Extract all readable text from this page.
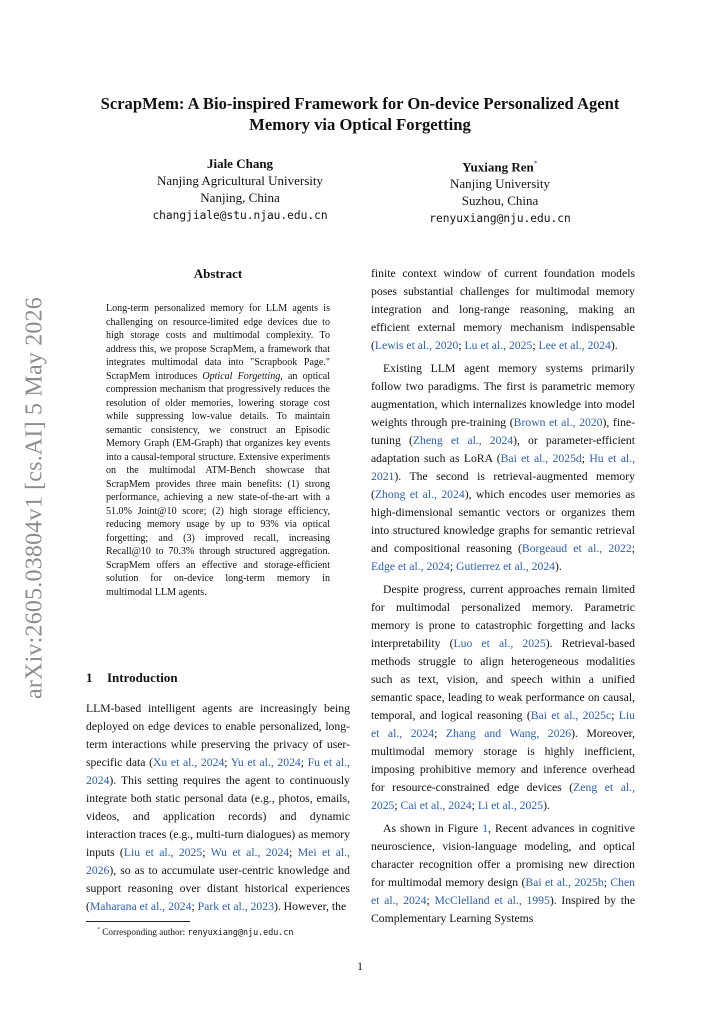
arXiv:2605.03804v1 [cs.AI] 5 May 2026
ScrapMem: A Bio-inspired Framework for On-device Personalized Agent Memory via Optical Forgetting
Jiale Chang
Nanjing Agricultural University
Nanjing, China
changjiale@stu.njau.edu.cn
Yuxiang Ren*
Nanjing University
Suzhou, China
renyuxiang@nju.edu.cn
Abstract
Long-term personalized memory for LLM agents is challenging on resource-limited edge devices due to high storage costs and multimodal complexity. To address this, we propose ScrapMem, a framework that integrates multimodal data into "Scrapbook Page." ScrapMem introduces Optical Forgetting, an optical compression mechanism that progressively reduces the resolution of older memories, lowering storage cost while suppressing low-value details. To maintain semantic consistency, we construct an Episodic Memory Graph (EM-Graph) that organizes key events into a causal-temporal structure. Extensive experiments on the multimodal ATM-Bench showcase that ScrapMem provides three main benefits: (1) strong performance, achieving a new state-of-the-art with a 51.0% Joint@10 score; (2) high storage efficiency, reducing memory usage by up to 93% via optical forgetting; and (3) improved recall, increasing Recall@10 to 70.3% through structured aggregation. ScrapMem offers an effective and storage-efficient solution for on-device long-term memory in multimodal LLM agents.
1 Introduction

LLM-based intelligent agents are increasingly being deployed on edge devices to enable personalized, long-term interactions while preserving the privacy of user-specific data (Xu et al., 2024; Yu et al., 2024; Fu et al., 2024). This setting requires the agent to continuously integrate both static personal data (e.g., photos, emails, videos, and application records) and dynamic interaction traces (e.g., multi-turn dialogues) as memory inputs (Liu et al., 2025; Wu et al., 2024; Mei et al., 2026), so as to accumulate user-centric knowledge and support reasoning over distant historical experiences (Maharana et al., 2024; Park et al., 2023). However, the

finite context window of current foundation models poses substantial challenges for multimodal memory integration and long-range reasoning, making an efficient external memory mechanism indispensable (Lewis et al., 2020; Lu et al., 2025; Lee et al., 2024).

Existing LLM agent memory systems primarily follow two paradigms. The first is parametric memory augmentation, which internalizes knowledge into model weights through pre-training (Brown et al., 2020), fine-tuning (Zheng et al., 2024), or parameter-efficient adaptation such as LoRA (Bai et al., 2025d; Hu et al., 2021). The second is retrieval-augmented memory (Zhong et al., 2024), which encodes user memories as high-dimensional semantic vectors or organizes them into structured knowledge graphs for semantic retrieval and compositional reasoning (Borgeaud et al., 2022; Edge et al., 2024; Gutierrez et al., 2024).

Despite progress, current approaches remain limited for multimodal personalized memory. Parametric memory is prone to catastrophic forgetting and lacks interpretability (Luo et al., 2025). Retrieval-based methods struggle to align heterogeneous modalities such as text, vision, and speech within a unified semantic space, leading to weak performance on causal, temporal, and logical reasoning (Bai et al., 2025c; Liu et al., 2024; Zhang and Wang, 2026). Moreover, multimodal memory storage is highly inefficient, imposing prohibitive memory and inference overhead for resource-constrained edge devices (Zeng et al., 2025; Cai et al., 2024; Li et al., 2025).

As shown in Figure 1, Recent advances in cognitive neuroscience, vision-language modeling, and optical character recognition offer a promising new direction for multimodal memory design (Bai et al., 2025b; Chen et al., 2024; McClelland et al., 1995). Inspired by the Complementary Learning Systems

* Corresponding author: renyuxiang@nju.edu.cn
1
